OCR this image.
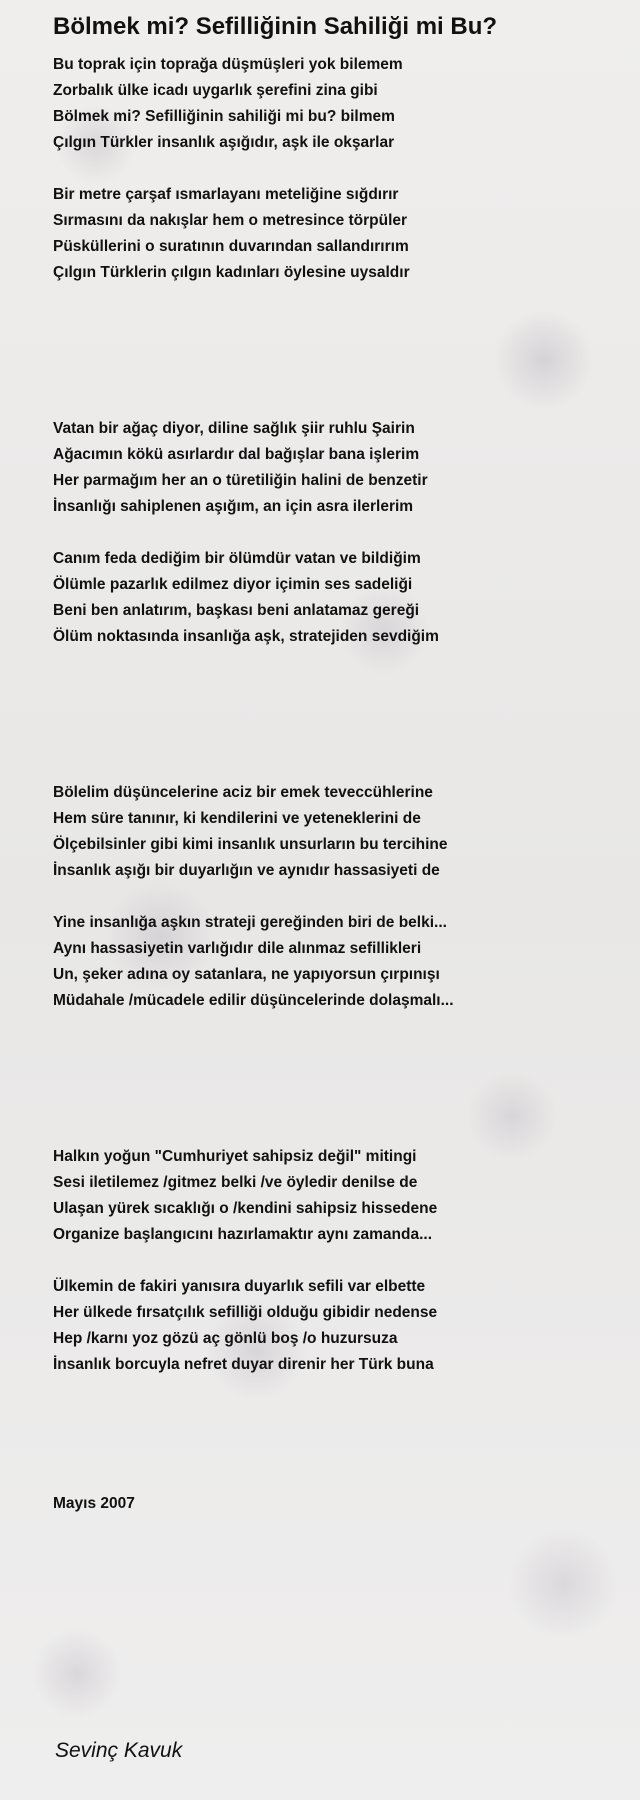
Bölmek mi? Sefilliğinin Sahiliği mi Bu?
Bu toprak için toprağa düşmüşleri yok bilemem
Zorbalık ülke icadı uygarlık şerefini zina gibi
Bölmek mi? Sefilliğinin sahiliği mi bu? bilmem
Çılgın Türkler insanlık aşığıdır, aşk ile okşarlar
Bir metre çarşaf ısmarlayanı meteliğine sığdırır
Sırmasını da nakışlar hem o metresince törpüler
Püsküllerini o suratının duvarından sallandırırım
Çılgın Türklerin çılgın kadınları öylesine uysaldır
Vatan bir ağaç diyor, diline sağlık şiir ruhlu Şairin
Ağacımın kökü asırlardır dal bağışlar bana işlerim
Her parmağım her an o türetiliğin halini de benzetir
İnsanlığı sahiplenen aşığım, an için asra ilerlerim
Canım feda dediğim bir ölümdür vatan ve bildiğim
Ölümle pazarlık edilmez diyor içimin ses sadeliği
Beni ben anlatırım, başkası beni anlatamaz gereği
Ölüm noktasında insanlığa aşk, stratejiden sevdiğim
Bölelim düşüncelerine aciz bir emek teveccühlerine
Hem süre tanınır, ki kendilerini ve yeteneklerini de
Ölçebilsinler gibi kimi insanlık unsurların bu tercihine
İnsanlık aşığı bir duyarlığın ve aynıdır hassasiyeti de
Yine insanlığa aşkın strateji gereğinden biri de belki...
Aynı hassasiyetin varlığıdır dile alınmaz sefillikleri
Un, şeker adına oy satanlara, ne yapıyorsun çırpınışı
Müdahale /mücadele edilir düşüncelerinde dolaşmalı...
Halkın yoğun "Cumhuriyet sahipsiz değil" mitingi
Sesi iletilemez /gitmez belki /ve öyledir denilse de
Ulaşan yürek sıcaklığı o /kendini sahipsiz hissedene
Organize başlangıcını hazırlamaktır aynı zamanda...
Ülkemin de fakiri yanısıra duyarlık sefili var elbette
Her ülkede fırsatçılık sefilliği olduğu gibidir nedense
Hep /karnı yoz gözü aç gönlü boş /o huzursuza
İnsanlık borcuyla nefret duyar direnir her Türk buna
Mayıs 2007
Sevinç Kavuk
